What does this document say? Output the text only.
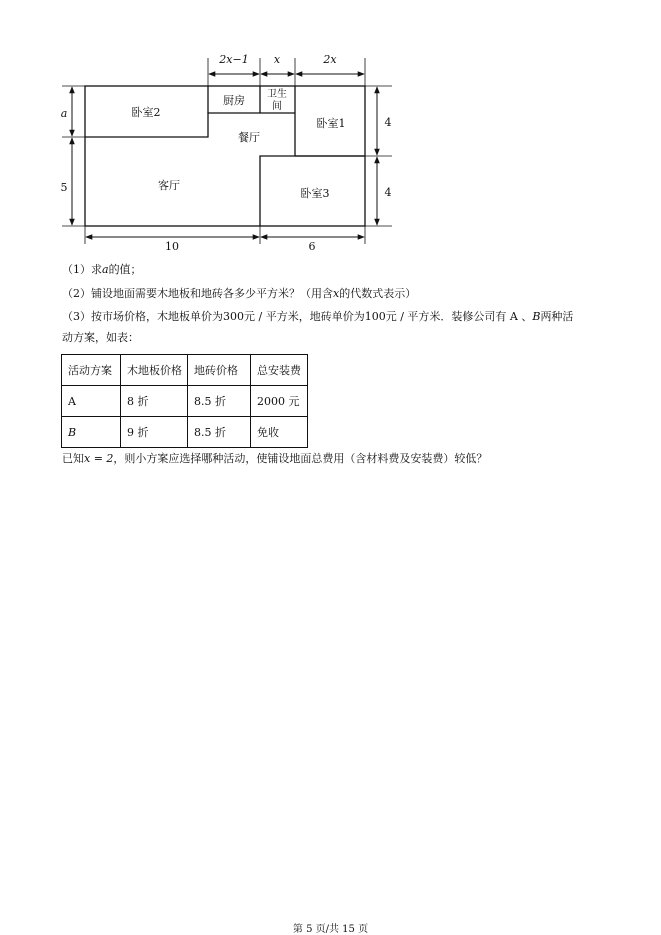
2x−1 x	2x
a
5
4
4
10	6
卧室2
厨房 卫生
间
卧室1
餐厅
客厅
卧室3
（1）求a的值；
（2）铺设地面需要木地板和地砖各多少平方米？（用含x的代数式表示）
（3）按市场价格，木地板单价为300元 / 平方米，地砖单价为100元 / 平方米．装修公司有 A 、B两种活
动方案，如表：
活动方案	木地板价格	地砖价格	总安装费
A	8 折	8.5 折	2000 元
B	9 折	8.5 折	免收
已知x = 2，则小方案应选择哪种活动，使铺设地面总费用（含材料费及安装费）较低？
第 5 页/共 15 页
